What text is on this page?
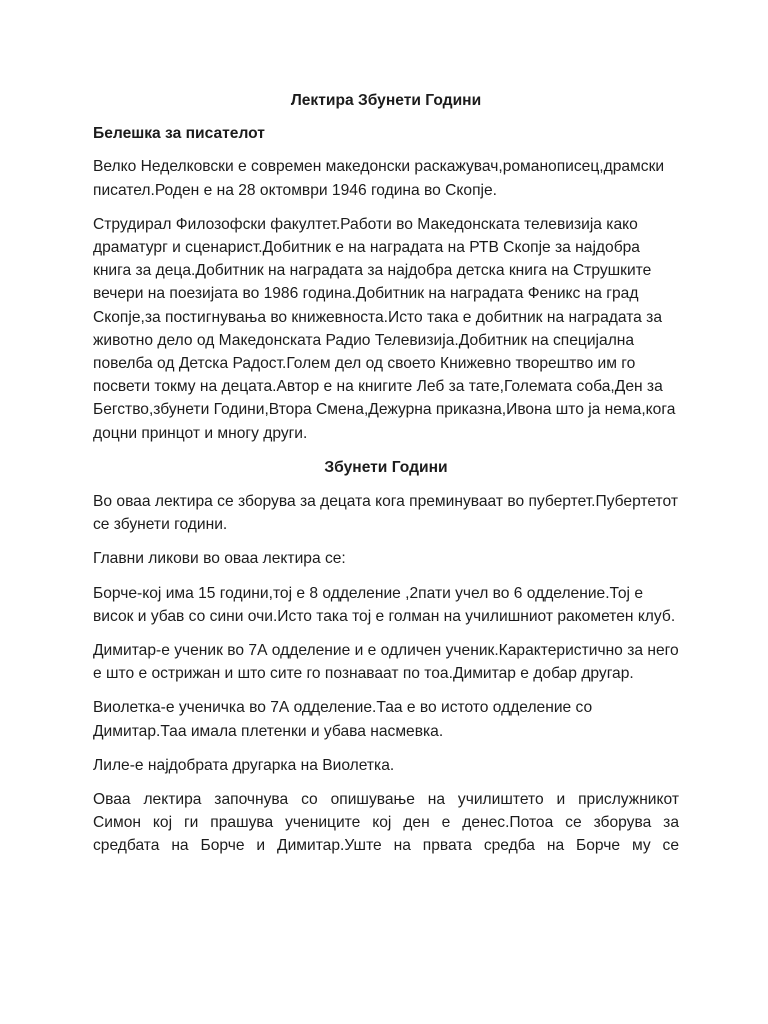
Лектира Збунети Години
Белешка за писателот

Велко Неделковски е современ македонски раскажувач,романописец,драмски писател.Роден е на 28 октомври 1946 година во Скопје.

Струдирал Филозофски факултет.Работи во Македонската телевизија како драматург и сценарист.Добитник е на наградата на РТВ Скопје за најдобра книга за деца.Добитник на наградата за најдобра детска книга на Струшките вечери на поезијата во 1986 година.Добитник на наградата Феникс на град Скопје,за постигнувања во книжевноста.Исто така е добитник на наградата за животно дело од Македонската Радио Телевизија.Добитник на специјална повелба од Детска Радост.Голем дел од своето Книжевно творештво им го посвети токму на децата.Автор е на книгите Леб за тате,Големата соба,Ден за Бегство,збунети Години,Втора Смена,Дежурна приказна,Ивона што ја нема,кога доцни принцот и многу други.

Збунети Години

Во оваа лектира се зборува за децата кога преминуваат во пубертет.Пубертетот се збунети години.

Главни ликови во оваа лектира се:

Борче-кој има 15 години,тој е 8 одделение ,2пати учел во 6 одделение.Тој е висок и убав со сини очи.Исто така тој е голман на училишниот ракометен клуб.

Димитар-е ученик во 7А одделение и е одличен ученик.Карактеристично за него е што е острижан и што сите го познаваат по тоа.Димитар е добар другар.

Виолетка-е ученичка во 7А одделение.Таа е во истото одделение со Димитар.Таа имала плетенки и убава насмевка.

Лиле-е најдобрата другарка на Виолетка.

Оваа лектира започнува со опишување на училиштето и прислужникот
Симон кој ги прашува учениците кој ден е денес.Потоа се зборува за
средбата на Борче и Димитар.Уште на првата средба на Борче му се
